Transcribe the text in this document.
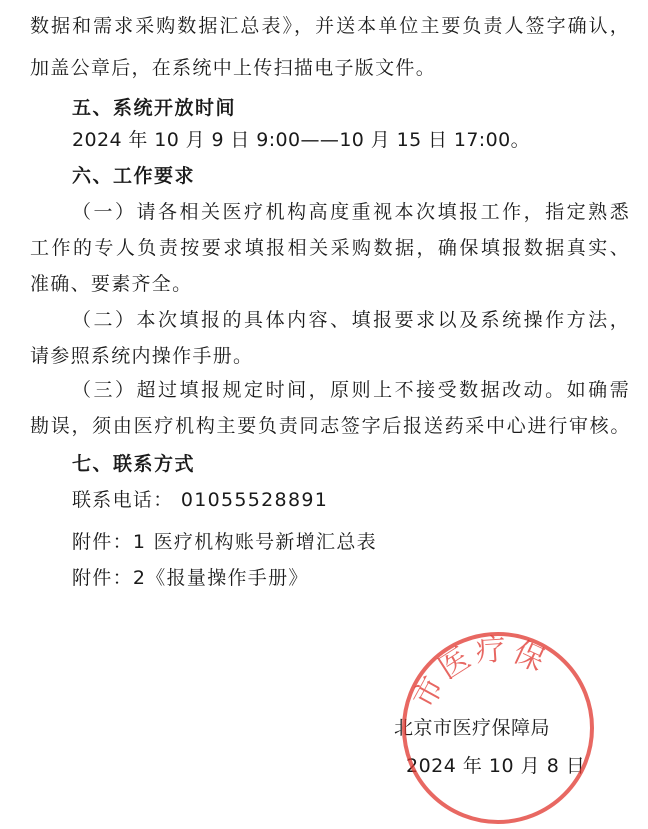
数据和需求采购数据汇总表》，并送本单位主要负责人签字确认，
加盖公章后，在系统中上传扫描电子版文件。
五、系统开放时间
2024 年 10 月 9 日 9:00——10 月 15 日 17:00。
六、工作要求
（一）请各相关医疗机构高度重视本次填报工作，指定熟悉
工作的专人负责按要求填报相关采购数据，确保填报数据真实、
准确、要素齐全。
（二）本次填报的具体内容、填报要求以及系统操作方法，
请参照系统内操作手册。
（三）超过填报规定时间，原则上不接受数据改动。如确需
勘误，须由医疗机构主要负责同志签字后报送药采中心进行审核。
七、联系方式
联系电话： 01055528891
附件：1 医疗机构账号新增汇总表
附件：2《报量操作手册》
北京市医疗保障局
2024 年 10 月 8 日
市医疗保
